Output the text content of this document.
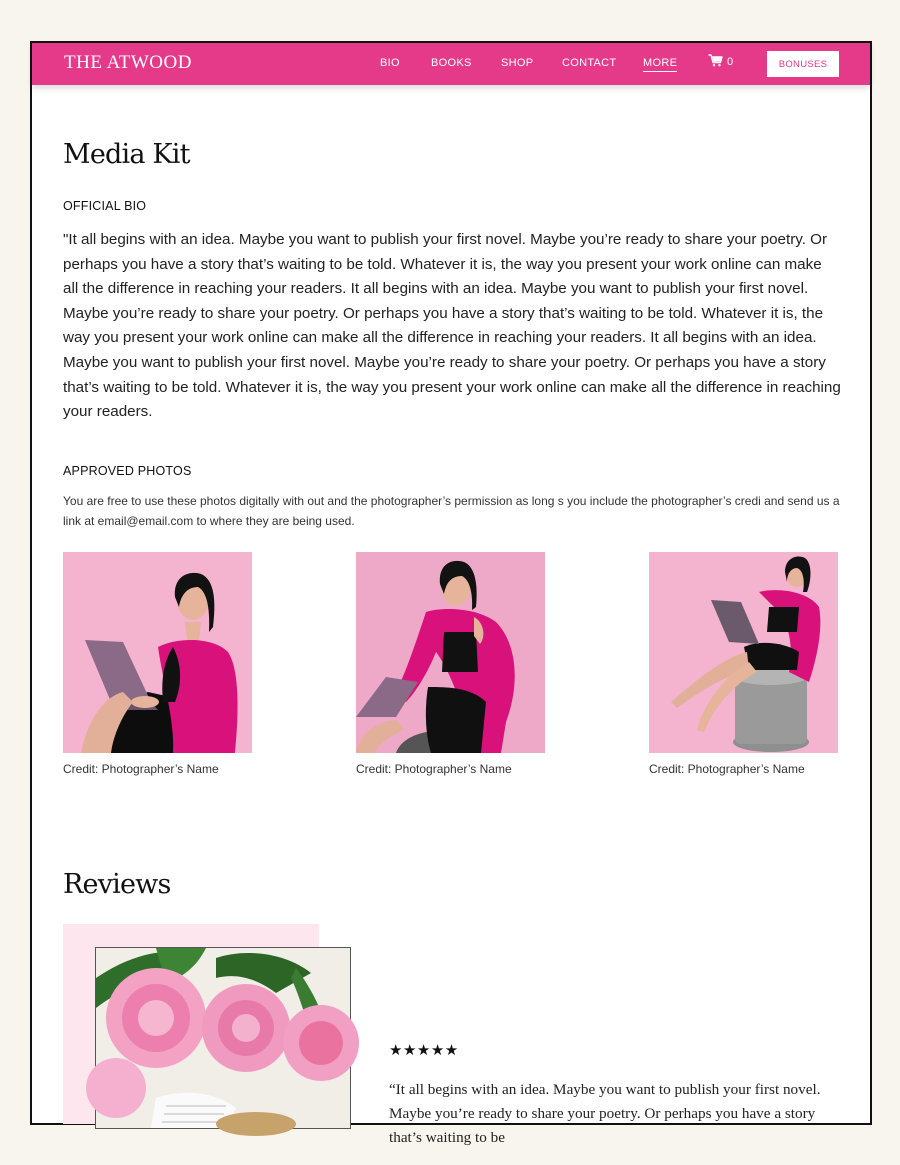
THE ATWOOD	BIO	BOOKS	SHOP	CONTACT MORE	0	BONUSES
Media Kit
OFFICIAL BIO
"It all begins with an idea. Maybe you want to publish your first novel. Maybe you’re ready to share your poetry. Or perhaps you have a story that’s waiting to be told. Whatever it is, the way you present your work online can make all the difference in reaching your readers. It all begins with an idea. Maybe you want to publish your first novel. Maybe you’re ready to share your poetry. Or perhaps you have a story that’s waiting to be told. Whatever it is, the way you present your work online can make all the difference in reaching your readers. It all begins with an idea. Maybe you want to publish your first novel. Maybe you’re ready to share your poetry. Or perhaps you have a story that’s waiting to be told. Whatever it is, the way you present your work online can make all the difference in reaching your readers.
APPROVED PHOTOS
You are free to use these photos digitally with out and the photographer’s permission as long s you include the photographer’s credi and send us a link at email@email.com to where they are being used.
Credit: Photographer’s Name	Credit: Photographer’s Name	Credit: Photographer’s Name
Reviews
★★★★★
“It all begins with an idea. Maybe you want to publish your first novel. Maybe you’re ready to share your poetry. Or perhaps you have a story that’s waiting to be
